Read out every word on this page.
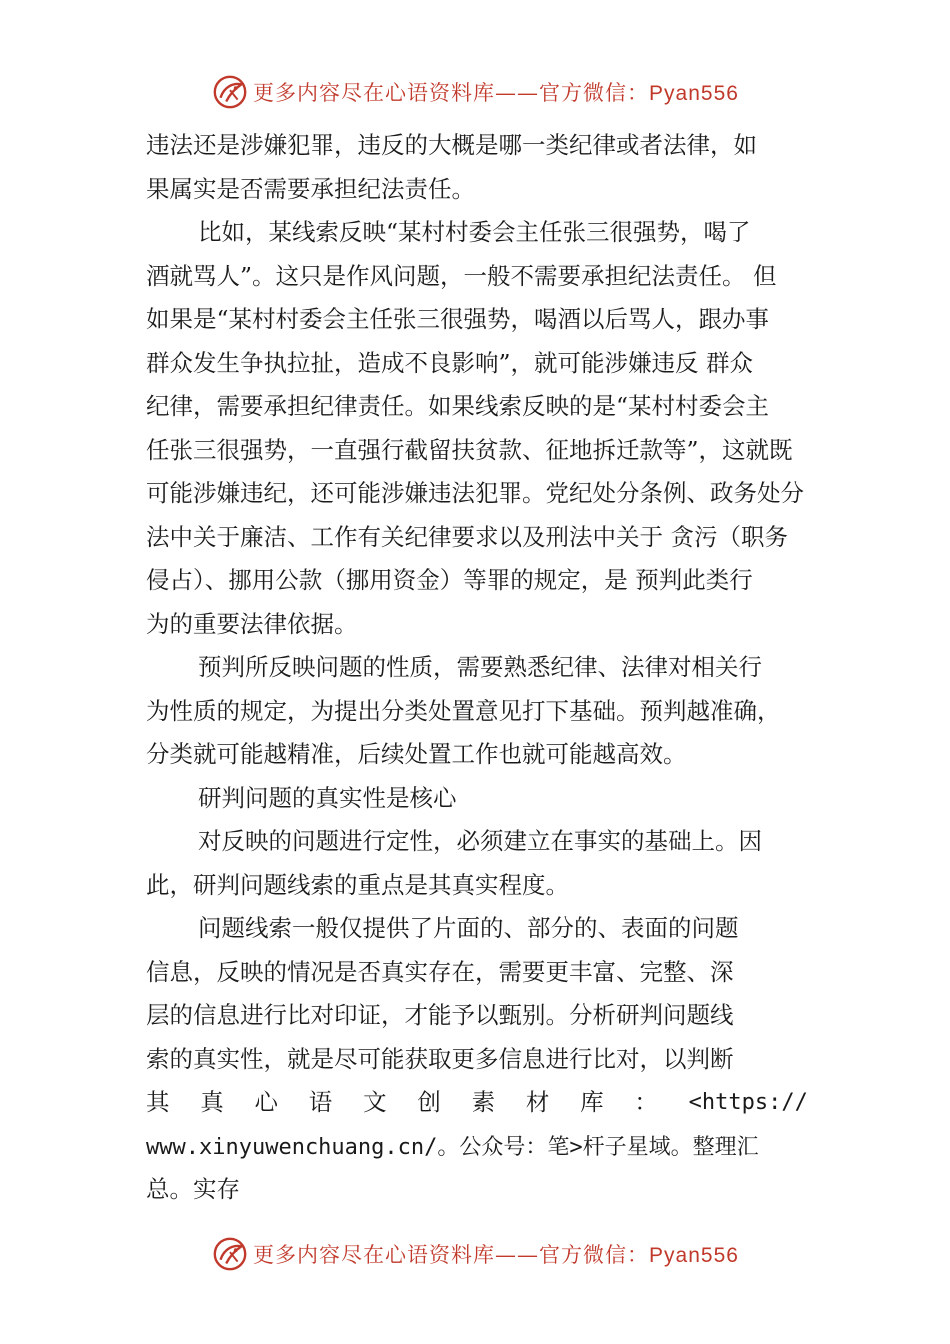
更多内容尽在心语资料库——官方微信：Pyan556
违法还是涉嫌犯罪，违反的大概是哪一类纪律或者法律，如
果属实是否需要承担纪法责任。
比如，某线索反映“某村村委会主任张三很强势，喝了
酒就骂人”。这只是作风问题，一般不需要承担纪法责任。 但
如果是“某村村委会主任张三很强势，喝酒以后骂人，跟办事
群众发生争执拉扯，造成不良影响”，就可能涉嫌违反 群众
纪律，需要承担纪律责任。如果线索反映的是“某村村委会主
任张三很强势，一直强行截留扶贫款、征地拆迁款等”，这就既
可能涉嫌违纪，还可能涉嫌违法犯罪。党纪处分条例、政务处分
法中关于廉洁、工作有关纪律要求以及刑法中关于 贪污（职务
侵占）、挪用公款（挪用资金）等罪的规定，是 预判此类行
为的重要法律依据。
预判所反映问题的性质，需要熟悉纪律、法律对相关行
为性质的规定，为提出分类处置意见打下基础。预判越准确，
分类就可能越精准，后续处置工作也就可能越高效。
研判问题的真实性是核心
对反映的问题进行定性，必须建立在事实的基础上。因
此，研判问题线索的重点是其真实程度。
问题线索一般仅提供了片面的、部分的、表面的问题
信息，反映的情况是否真实存在，需要更丰富、完整、深
层的信息进行比对印证，才能予以甄别。分析研判问题线
索的真实性，就是尽可能获取更多信息进行比对，以判断
其 真 心 语 文 创 素 材 库 ： <https://
www.xinyuwenchuang.cn/。公众号：笔>杆子星域。整理汇
总。实存
更多内容尽在心语资料库——官方微信：Pyan556
